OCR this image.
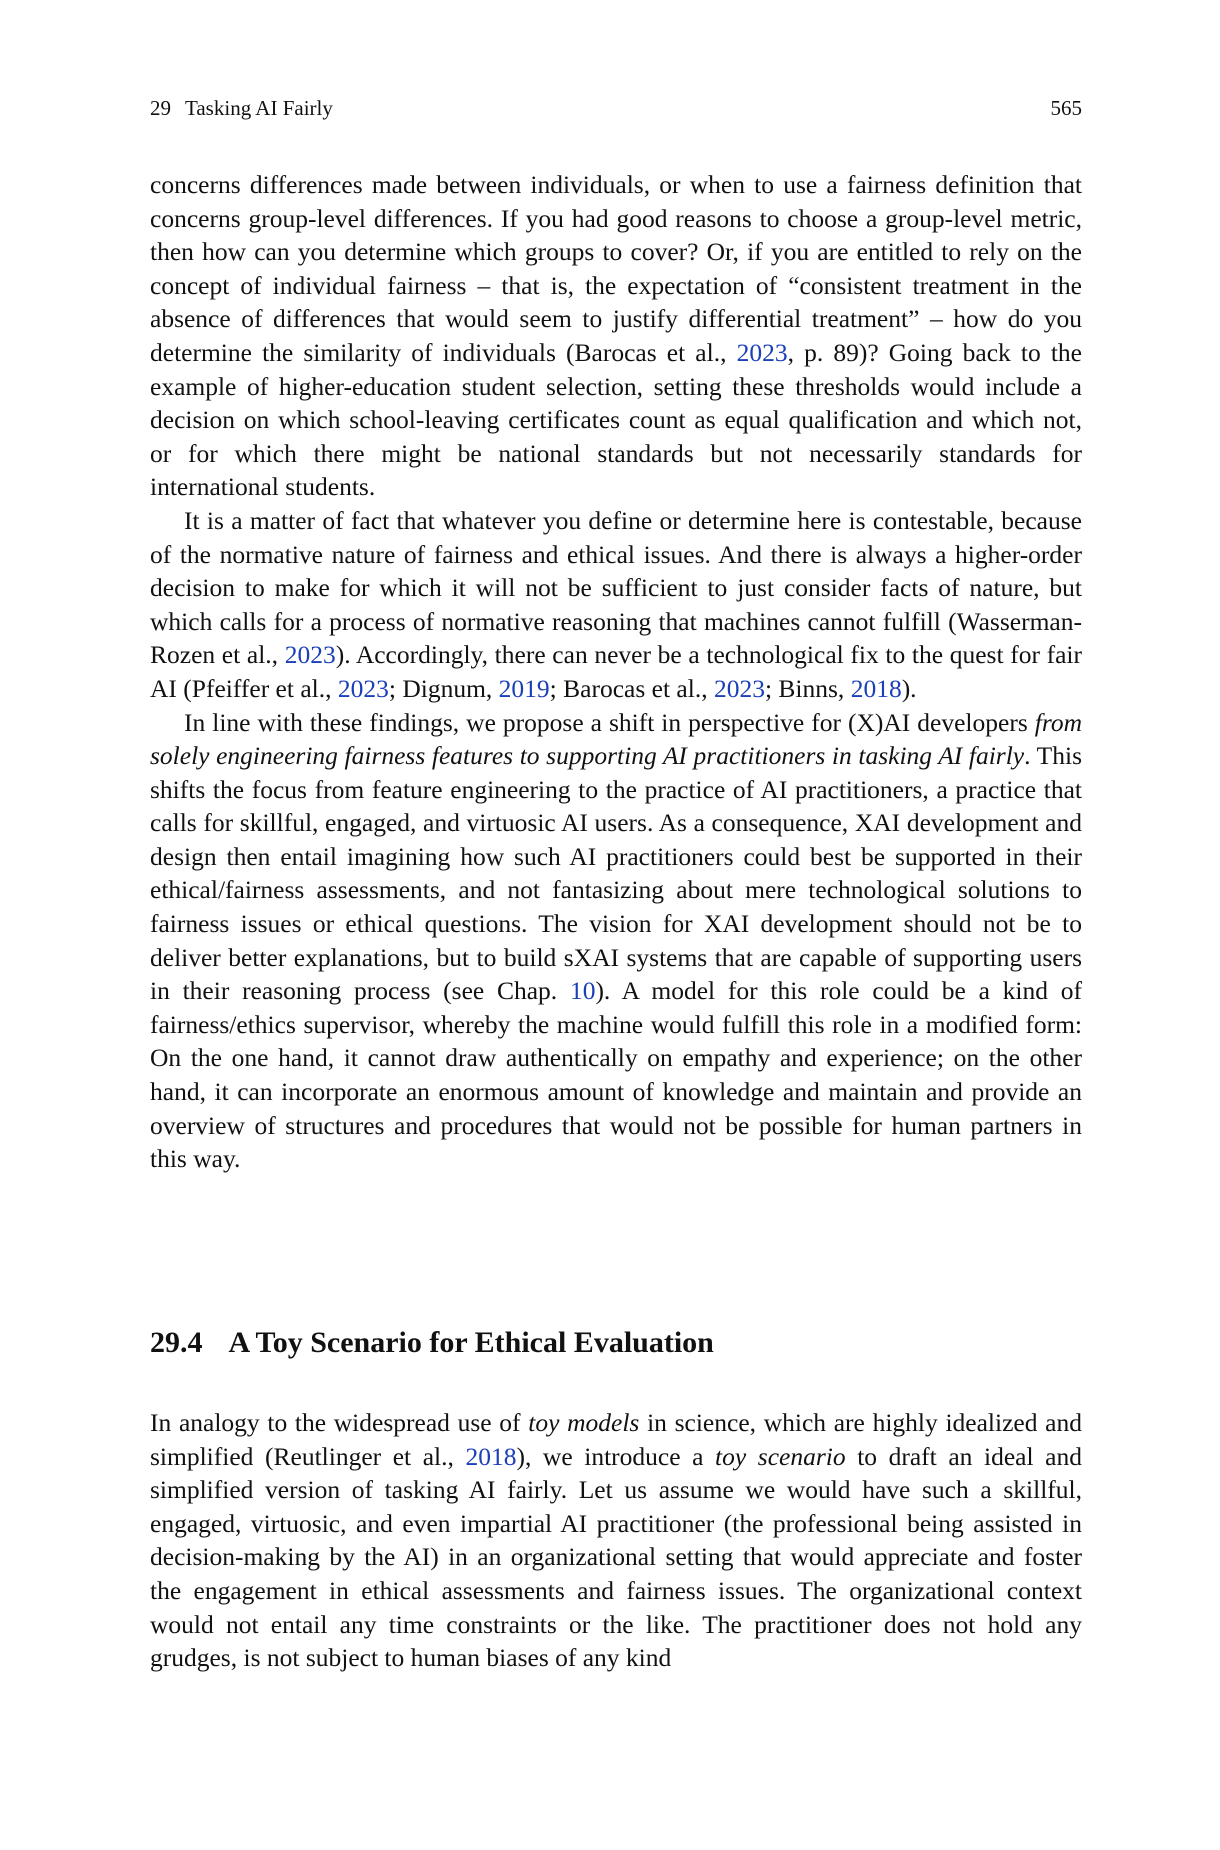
29 Tasking AI Fairly	565

concerns differences made between individuals, or when to use a fairness definition that concerns group-level differences. If you had good reasons to choose a group-level metric, then how can you determine which groups to cover? Or, if you are entitled to rely on the concept of individual fairness – that is, the expectation of “consistent treatment in the absence of differences that would seem to justify differential treatment” – how do you determine the similarity of individuals (Barocas et al., 2023, p. 89)? Going back to the example of higher-education student selection, setting these thresholds would include a decision on which school-leaving certificates count as equal qualification and which not, or for which there might be national standards but not necessarily standards for international students.

It is a matter of fact that whatever you define or determine here is contestable, because of the normative nature of fairness and ethical issues. And there is always a higher-order decision to make for which it will not be sufficient to just consider facts of nature, but which calls for a process of normative reasoning that machines cannot fulfill (Wasserman-Rozen et al., 2023). Accordingly, there can never be a technological fix to the quest for fair AI (Pfeiffer et al., 2023; Dignum, 2019; Barocas et al., 2023; Binns, 2018).

In line with these findings, we propose a shift in perspective for (X)AI developers from solely engineering fairness features to supporting AI practitioners in tasking AI fairly. This shifts the focus from feature engineering to the practice of AI practitioners, a practice that calls for skillful, engaged, and virtuosic AI users. As a consequence, XAI development and design then entail imagining how such AI practitioners could best be supported in their ethical/fairness assessments, and not fantasizing about mere technological solutions to fairness issues or ethical questions. The vision for XAI development should not be to deliver better explanations, but to build sXAI systems that are capable of supporting users in their reasoning process (see Chap. 10). A model for this role could be a kind of fairness/ethics supervisor, whereby the machine would fulfill this role in a modified form: On the one hand, it cannot draw authentically on empathy and experience; on the other hand, it can incorporate an enormous amount of knowledge and maintain and provide an overview of structures and procedures that would not be possible for human partners in this way.

29.4 A Toy Scenario for Ethical Evaluation

In analogy to the widespread use of toy models in science, which are highly idealized and simplified (Reutlinger et al., 2018), we introduce a toy scenario to draft an ideal and simplified version of tasking AI fairly. Let us assume we would have such a skillful, engaged, virtuosic, and even impartial AI practitioner (the professional being assisted in decision-making by the AI) in an organizational setting that would appreciate and foster the engagement in ethical assessments and fairness issues. The organizational context would not entail any time constraints or the like. The practitioner does not hold any grudges, is not subject to human biases of any kind
